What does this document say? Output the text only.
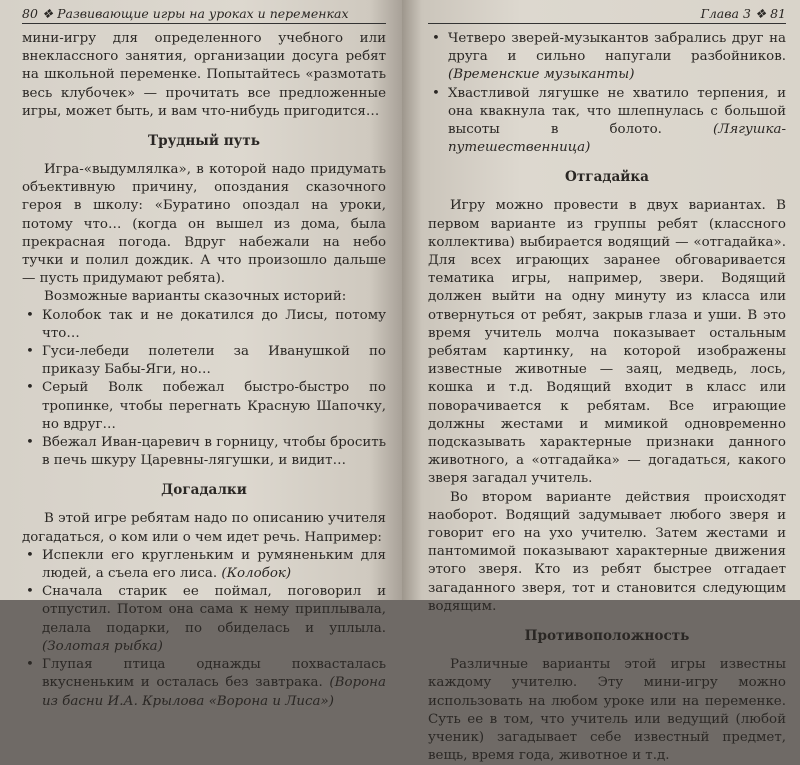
80 ❖ Развивающие игры на уроках и переменках

мини-игру для определенного учебного или внеклассного занятия, организации досуга ребят на школьной переменке. Попытайтесь «размотать весь клубочек» — прочитать все предложенные игры, может быть, и вам что-нибудь пригодится…

Трудный путь

Игра-«выдумлялка», в которой надо придумать объективную причину, опоздания сказочного героя в школу: «Буратино опоздал на уроки, потому что… (когда он вышел из дома, была прекрасная погода. Вдруг набежали на небо тучки и полил дождик. А что произошло дальше — пусть придумают ребята).

Возможные варианты сказочных историй:

• Колобок так и не докатился до Лисы, потому что…
• Гуси-лебеди полетели за Иванушкой по приказу Бабы-Яги, но…
• Серый Волк побежал быстро-быстро по тропинке, чтобы перегнать Красную Шапочку, но вдруг…
• Вбежал Иван-царевич в горницу, чтобы бросить в печь шкуру Царевны-лягушки, и видит…
Догадалки

В этой игре ребятам надо по описанию учителя догадаться, о ком или о чем идет речь. Например:

• Испекли его кругленьким и румяненьким для людей, а съела его лиса. (Колобок)
• Сначала старик ее поймал, поговорил и отпустил. Потом она сама к нему приплывала, делала подарки, по обиделась и уплыла. (Золотая рыбка)
• Глупая птица однажды похвасталась вкусненьким и осталась без завтрака. (Ворона из басни И.А. Крылова «Ворона и Лиса»)
Глава 3 ❖ 81
• Четверо зверей-музыкантов забрались друг на друга и сильно напугали разбойников. (Временские музыканты)
• Хвастливой лягушке не хватило терпения, и она квакнула так, что шлепнулась с большой высоты в болото.	(Лягушка-путешественница)
Отгадайка

Игру можно провести в двух вариантах. В первом варианте из группы ребят (классного коллектива) выбирается водящий — «отгадайка». Для всех играющих заранее обговаривается тематика игры, например, звери. Водящий должен выйти на одну минуту из класса или отвернуться от ребят, закрыв глаза и уши. В это время учитель молча показывает остальным ребятам картинку, на которой изображены известные животные — заяц, медведь, лось, кошка и т.д. Водящий входит в класс или поворачивается к ребятам. Все играющие должны жестами и мимикой одновременно подсказывать характерные признаки данного животного, а «отгадайка» — догадаться, какого зверя загадал учитель.

Во втором варианте действия происходят наоборот. Водящий задумывает любого зверя и говорит его на ухо учителю. Затем жестами и пантомимой показывают характерные движения этого зверя. Кто из ребят быстрее отгадает загаданного зверя, тот и становится следующим водящим.

Противоположность

Различные варианты этой игры известны каждому учителю. Эту мини-игру можно использовать на любом уроке или на переменке. Суть ее в том, что учитель или ведущий (любой ученик) загадывает себе известный предмет, вещь, время года, животное и т.д.
